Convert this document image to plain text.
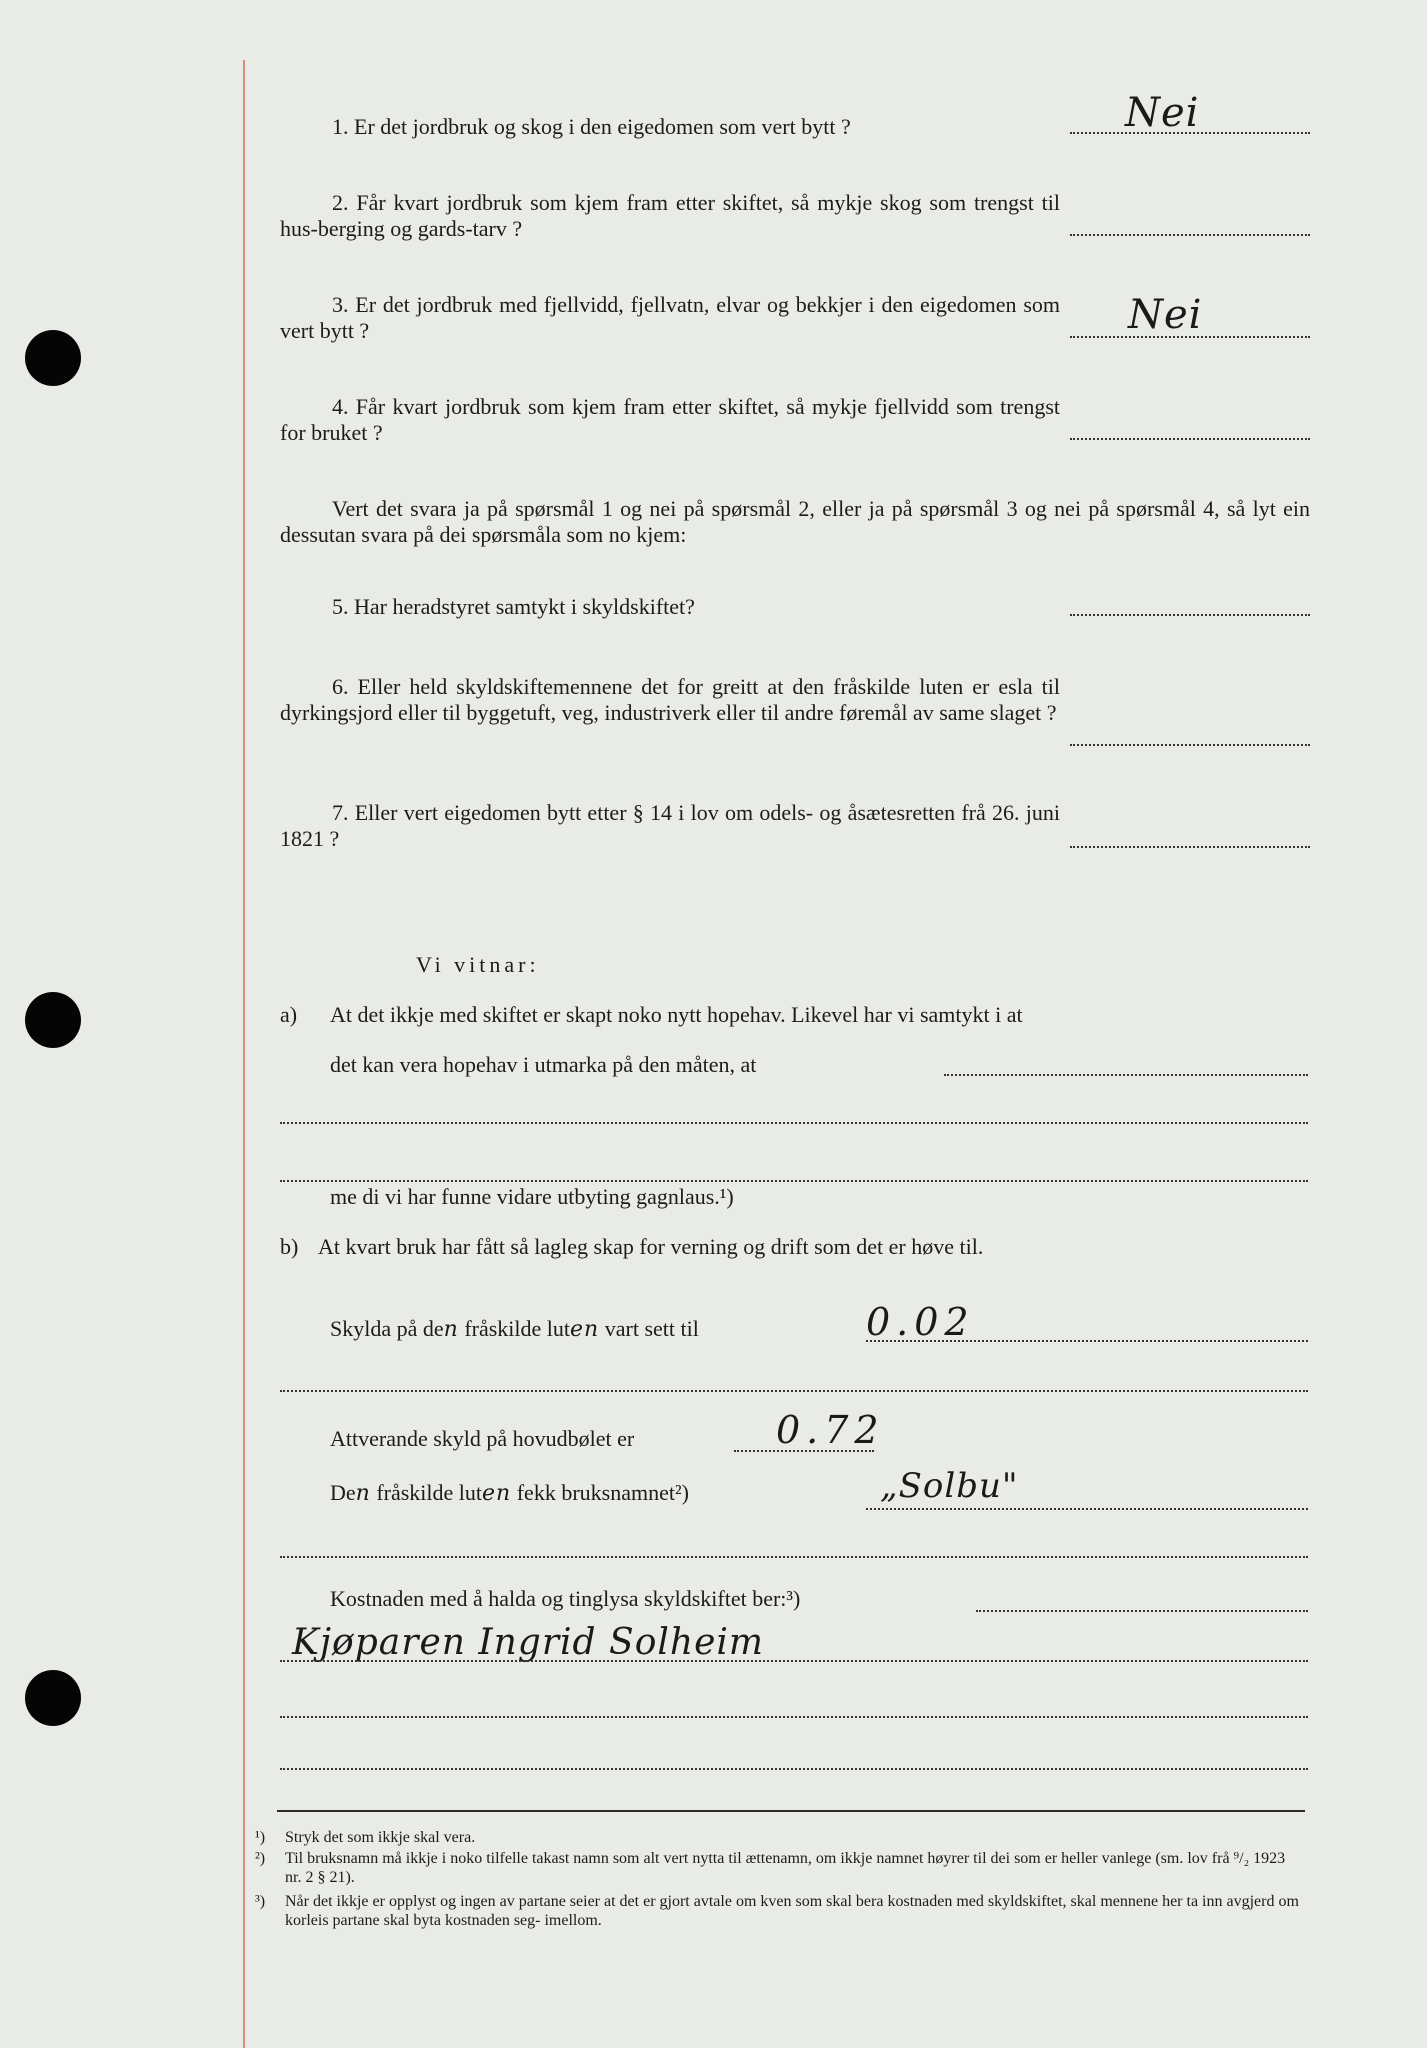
1. Er det jordbruk og skog i den eigedomen som vert bytt ?	Nei
2. Får kvart jordbruk som kjem fram etter skiftet, så mykje skog som trengst til hus-berging og gards-tarv ?
3. Er det jordbruk med fjellvidd, fjellvatn, elvar og bekkjer i den eigedomen som vert bytt ?	Nei
4. Får kvart jordbruk som kjem fram etter skiftet, så mykje fjellvidd som trengst for bruket ?
Vert det svara ja på spørsmål 1 og nei på spørsmål 2, eller ja på spørsmål 3 og nei på spørsmål 4, så lyt ein dessutan svara på dei spørsmåla som no kjem:
5. Har heradstyret samtykt i skyldskiftet?
6. Eller held skyldskiftemennene det for greitt at den fråskilde luten er esla til dyrkingsjord eller til byggetuft, veg, industriverk eller til andre føremål av same slaget ?
7. Eller vert eigedomen bytt etter § 14 i lov om odels- og åsætesretten frå 26. juni 1821 ?
Vi vitnar:
a) At det ikkje med skiftet er skapt noko nytt hopehav. Likevel har vi samtykt i at
det kan vera hopehav i utmarka på den måten, at
me di vi har funne vidare utbyting gagnlaus.¹)
b) At kvart bruk har fått så lagleg skap for verning og drift som det er høve til.
Skylda på den fråskilde luten vart sett til	0.02
Attverande skyld på hovudbølet er	0.72
Den fråskilde luten fekk bruksnamnet²)	„Solbu"
Kostnaden med å halda og tinglysa skyldskiftet ber:³)
Kjøparen Ingrid Solheim
¹) Stryk det som ikkje skal vera.
²) Til bruksnamn må ikkje i noko tilfelle takast namn som alt vert nytta til ættenamn, om ikkje namnet høyrer til dei som er heller vanlege (sm. lov frå ⁹/₂ 1923 nr. 2 § 21).
³) Når det ikkje er opplyst og ingen av partane seier at det er gjort avtale om kven som skal bera kostnaden med skyldskiftet, skal mennene her ta inn avgjerd om korleis partane skal byta kostnaden seg- imellom.
